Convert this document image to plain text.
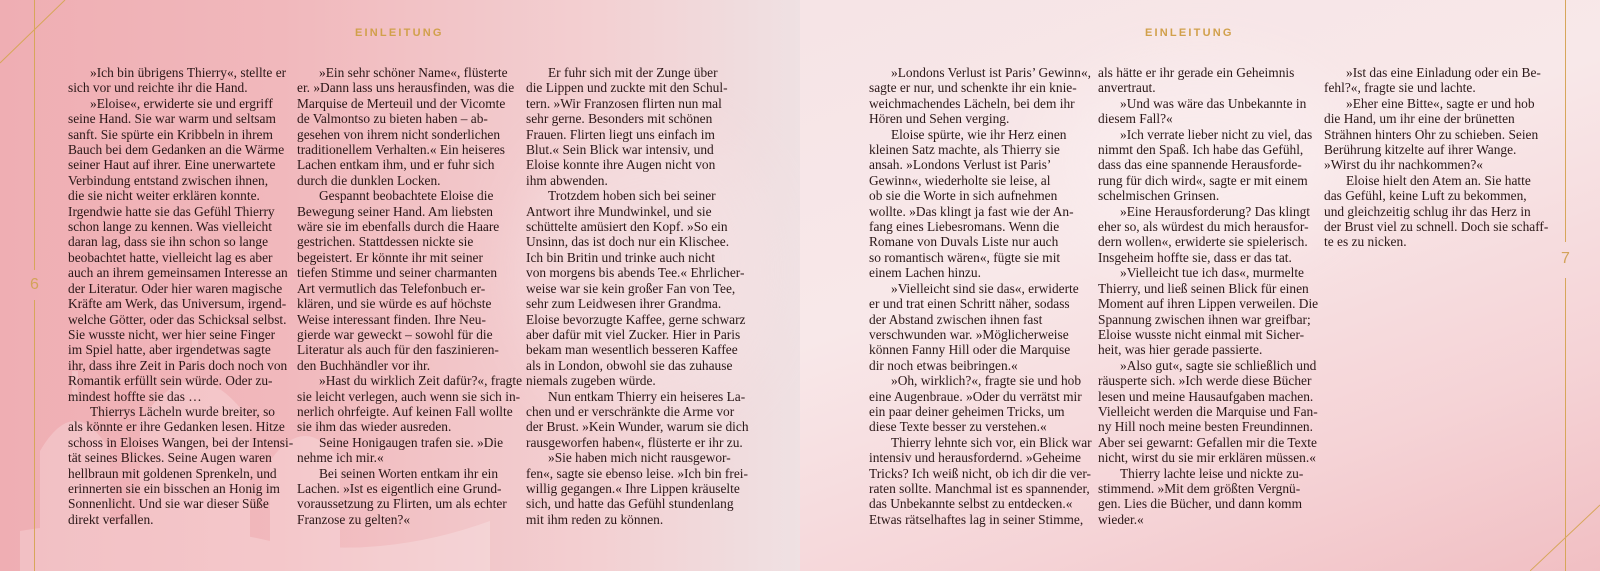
6
7
EINLEITUNG	EINLEITUNG
»Ich bin übrigens Thierry«, stellte er
sich vor und reichte ihr die Hand.
»Eloise«, erwiderte sie und ergriff
seine Hand. Sie war warm und seltsam
sanft. Sie spürte ein Kribbeln in ihrem
Bauch bei dem Gedanken an die Wärme
seiner Haut auf ihrer. Eine unerwartete
Verbindung entstand zwischen ihnen,
die sie nicht weiter erklären konnte.
Irgendwie hatte sie das Gefühl Thierry
schon lange zu kennen. Was vielleicht
daran lag, dass sie ihn schon so lange
beobachtet hatte, vielleicht lag es aber
auch an ihrem gemeinsamen Interesse an
der Literatur. Oder hier waren magische
Kräfte am Werk, das Universum, irgend-
welche Götter, oder das Schicksal selbst.
Sie wusste nicht, wer hier seine Finger
im Spiel hatte, aber irgendetwas sagte
ihr, dass ihre Zeit in Paris doch noch von
Romantik erfüllt sein würde. Oder zu-
mindest hoffte sie das …
Thierrys Lächeln wurde breiter, so
als könnte er ihre Gedanken lesen. Hitze
schoss in Eloises Wangen, bei der Intensi-
tät seines Blickes. Seine Augen waren
hellbraun mit goldenen Sprenkeln, und
erinnerten sie ein bisschen an Honig im
Sonnenlicht. Und sie war dieser Süße
direkt verfallen.
»Ein sehr schöner Name«, flüsterte
er. »Dann lass uns herausfinden, was die
Marquise de Merteuil und der Vicomte
de Valmontso zu bieten haben – ab-
gesehen von ihrem nicht sonderlichen
traditionellem Verhalten.« Ein heiseres
Lachen entkam ihm, und er fuhr sich
durch die dunklen Locken.
Gespannt beobachtete Eloise die
Bewegung seiner Hand. Am liebsten
wäre sie im ebenfalls durch die Haare
gestrichen. Stattdessen nickte sie
begeistert. Er könnte ihr mit seiner
tiefen Stimme und seiner charmanten
Art vermutlich das Telefonbuch er-
klären, und sie würde es auf höchste
Weise interessant finden. Ihre Neu-
gierde war geweckt – sowohl für die
Literatur als auch für den faszinieren-
den Buchhändler vor ihr.
»Hast du wirklich Zeit dafür?«, fragte
sie leicht verlegen, auch wenn sie sich in-
nerlich ohrfeigte. Auf keinen Fall wollte
sie ihm das wieder ausreden.
Seine Honigaugen trafen sie. »Die
nehme ich mir.«
Bei seinen Worten entkam ihr ein
Lachen. »Ist es eigentlich eine Grund-
voraussetzung zu Flirten, um als echter
Franzose zu gelten?«
Er fuhr sich mit der Zunge über
die Lippen und zuckte mit den Schul-
tern. »Wir Franzosen flirten nun mal
sehr gerne. Besonders mit schönen
Frauen. Flirten liegt uns einfach im
Blut.« Sein Blick war intensiv, und
Eloise konnte ihre Augen nicht von
ihm abwenden.
Trotzdem hoben sich bei seiner
Antwort ihre Mundwinkel, und sie
schüttelte amüsiert den Kopf. »So ein
Unsinn, das ist doch nur ein Klischee.
Ich bin Britin und trinke auch nicht
von morgens bis abends Tee.« Ehrlicher-
weise war sie kein großer Fan von Tee,
sehr zum Leidwesen ihrer Grandma.
Eloise bevorzugte Kaffee, gerne schwarz
aber dafür mit viel Zucker. Hier in Paris
bekam man wesentlich besseren Kaffee
als in London, obwohl sie das zuhause
niemals zugeben würde.
Nun entkam Thierry ein heiseres La-
chen und er verschränkte die Arme vor
der Brust. »Kein Wunder, warum sie dich
rausgeworfen haben«, flüsterte er ihr zu.
»Sie haben mich nicht rausgewor-
fen«, sagte sie ebenso leise. »Ich bin frei-
willig gegangen.« Ihre Lippen kräuselte
sich, und hatte das Gefühl stundenlang
mit ihm reden zu können.
»Londons Verlust ist Paris’ Gewinn«,
sagte er nur, und schenkte ihr ein knie-
weichmachendes Lächeln, bei dem ihr
Hören und Sehen verging.
Eloise spürte, wie ihr Herz einen
kleinen Satz machte, als Thierry sie
ansah. »Londons Verlust ist Paris’
Gewinn«, wiederholte sie leise, al
ob sie die Worte in sich aufnehmen
wollte. »Das klingt ja fast wie der An-
fang eines Liebesromans. Wenn die
Romane von Duvals Liste nur auch
so romantisch wären«, fügte sie mit
einem Lachen hinzu.
»Vielleicht sind sie das«, erwiderte
er und trat einen Schritt näher, sodass
der Abstand zwischen ihnen fast
verschwunden war. »Möglicherweise
können Fanny Hill oder die Marquise
dir noch etwas beibringen.«
»Oh, wirklich?«, fragte sie und hob
eine Augenbraue. »Oder du verrätst mir
ein paar deiner geheimen Tricks, um
diese Texte besser zu verstehen.«
Thierry lehnte sich vor, ein Blick war
intensiv und herausfordernd. »Geheime
Tricks? Ich weiß nicht, ob ich dir die ver-
raten sollte. Manchmal ist es spannender,
das Unbekannte selbst zu entdecken.«
Etwas rätselhaftes lag in seiner Stimme,
als hätte er ihr gerade ein Geheimnis
anvertraut.
»Und was wäre das Unbekannte in
diesem Fall?«
»Ich verrate lieber nicht zu viel, das
nimmt den Spaß. Ich habe das Gefühl,
dass das eine spannende Herausforde-
rung für dich wird«, sagte er mit einem
schelmischen Grinsen.
»Eine Herausforderung? Das klingt
eher so, als würdest du mich herausfor-
dern wollen«, erwiderte sie spielerisch.
Insgeheim hoffte sie, dass er das tat.
»Vielleicht tue ich das«, murmelte
Thierry, und ließ seinen Blick für einen
Moment auf ihren Lippen verweilen. Die
Spannung zwischen ihnen war greifbar;
Eloise wusste nicht einmal mit Sicher-
heit, was hier gerade passierte.
»Also gut«, sagte sie schließlich und
räusperte sich. »Ich werde diese Bücher
lesen und meine Hausaufgaben machen.
Vielleicht werden die Marquise und Fan-
ny Hill noch meine besten Freundinnen.
Aber sei gewarnt: Gefallen mir die Texte
nicht, wirst du sie mir erklären müssen.«
Thierry lachte leise und nickte zu-
stimmend. »Mit dem größten Vergnü-
gen. Lies die Bücher, und dann komm
wieder.«
»Ist das eine Einladung oder ein Be-
fehl?«, fragte sie und lachte.
»Eher eine Bitte«, sagte er und hob
die Hand, um ihr eine der brünetten
Strähnen hinters Ohr zu schieben. Seien
Berührung kitzelte auf ihrer Wange.
»Wirst du ihr nachkommen?«
Eloise hielt den Atem an. Sie hatte
das Gefühl, keine Luft zu bekommen,
und gleichzeitig schlug ihr das Herz in
der Brust viel zu schnell. Doch sie schaff-
te es zu nicken.
